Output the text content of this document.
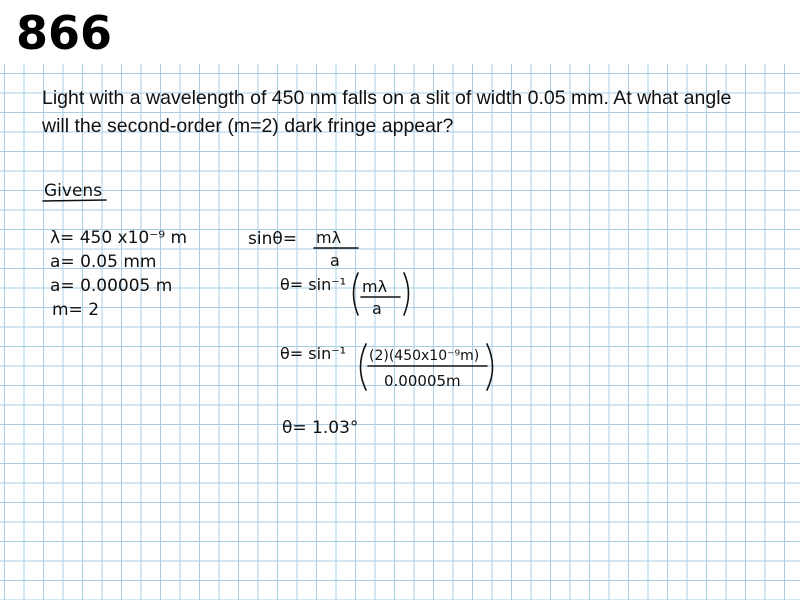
866

Light with a wavelength of 450 nm falls on a slit of width 0.05 mm. At what angle will the second-order (m=2) dark fringe appear?

Givens
λ= 450 x10⁻⁹ m
a= 0.05 mm
a= 0.00005 m
m= 2
sinθ= mλ
a
θ= sin⁻¹ mλ
a
θ= sin⁻¹ (2)(450x10⁻⁹m)
0.00005m
θ= 1.03°
